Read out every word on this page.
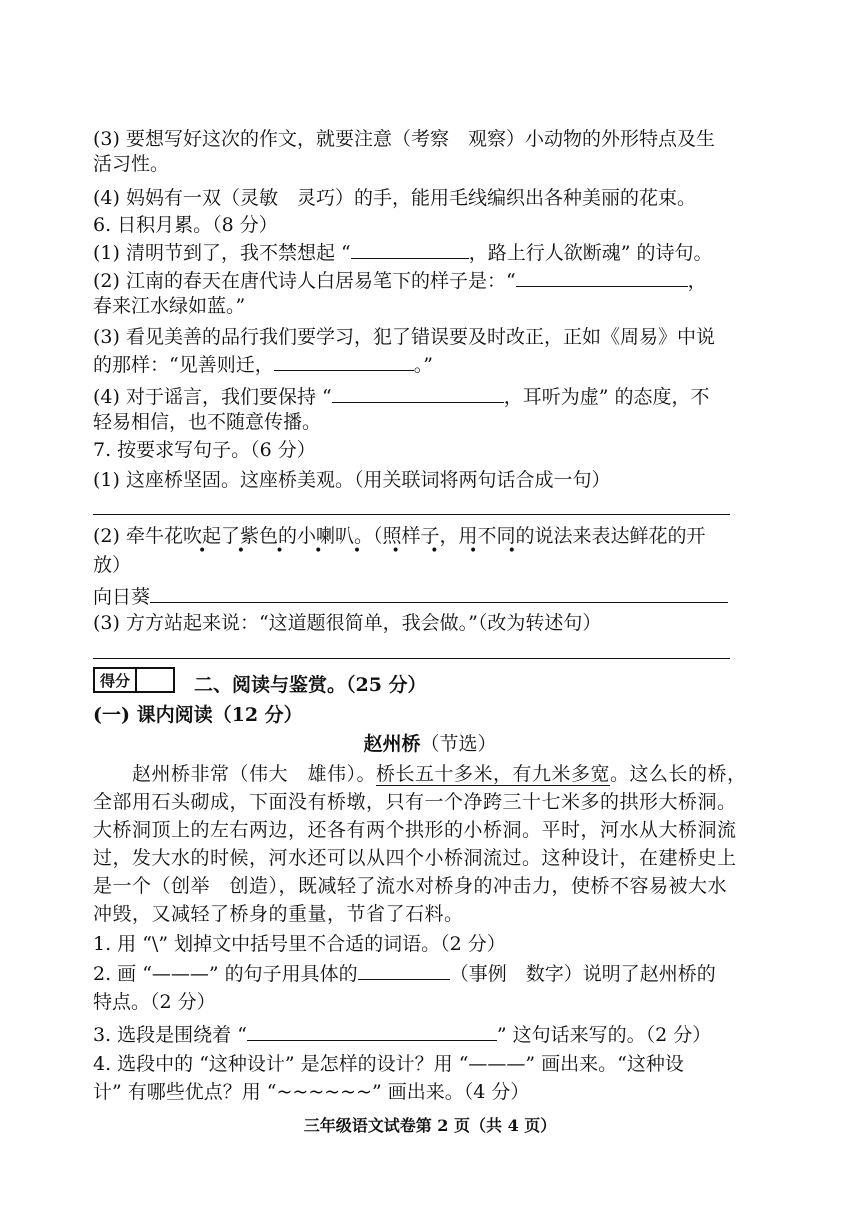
(3) 要想写好这次的作文，就要注意（考察　观察）小动物的外形特点及生
活习性。
(4) 妈妈有一双（灵敏　灵巧）的手，能用毛线编织出各种美丽的花束。
6. 日积月累。（8 分）
(1) 清明节到了，我不禁想起 “	，路上行人欲断魂” 的诗句。
(2) 江南的春天在唐代诗人白居易笔下的样子是：“	，
春来江水绿如蓝。”
(3) 看见美善的品行我们要学习，犯了错误要及时改正，正如《周易》中说
的那样：“见善则迁，	。”
(4) 对于谣言，我们要保持 “	，耳听为虚” 的态度，不
轻易相信，也不随意传播。
7. 按要求写句子。（6 分）
(1) 这座桥坚固。这座桥美观。（用关联词将两句话合成一句）
(2) 牵牛花吹起了紫色的小喇叭。（照样子，用不同的说法来表达鲜花的开
• • • • • • • • •
放）
向日葵
(3) 方方站起来说：“这道题很简单，我会做。”（改为转述句）
得分	二、阅读与鉴赏。（25 分）
(一) 课内阅读（12 分）
赵州桥（节选）
　　赵州桥非常（伟大　雄伟）。桥长五十多米，有九米多宽。这么长的桥，
全部用石头砌成，下面没有桥墩，只有一个净跨三十七米多的拱形大桥洞。
大桥洞顶上的左右两边，还各有两个拱形的小桥洞。平时，河水从大桥洞流
过，发大水的时候，河水还可以从四个小桥洞流过。这种设计，在建桥史上
是一个（创举　创造），既减轻了流水对桥身的冲击力，使桥不容易被大水
冲毁，又减轻了桥身的重量，节省了石料。
1. 用 “\” 划掉文中括号里不合适的词语。（2 分）
2. 画 “———” 的句子用具体的	（事例　数字）说明了赵州桥的
特点。（2 分）
3. 选段是围绕着 “	” 这句话来写的。（2 分）
4. 选段中的 “这种设计” 是怎样的设计？用 “———” 画出来。“这种设
计” 有哪些优点？用 “~~~~~~” 画出来。（4 分）
三年级语文试卷第 2 页（共 4 页）
